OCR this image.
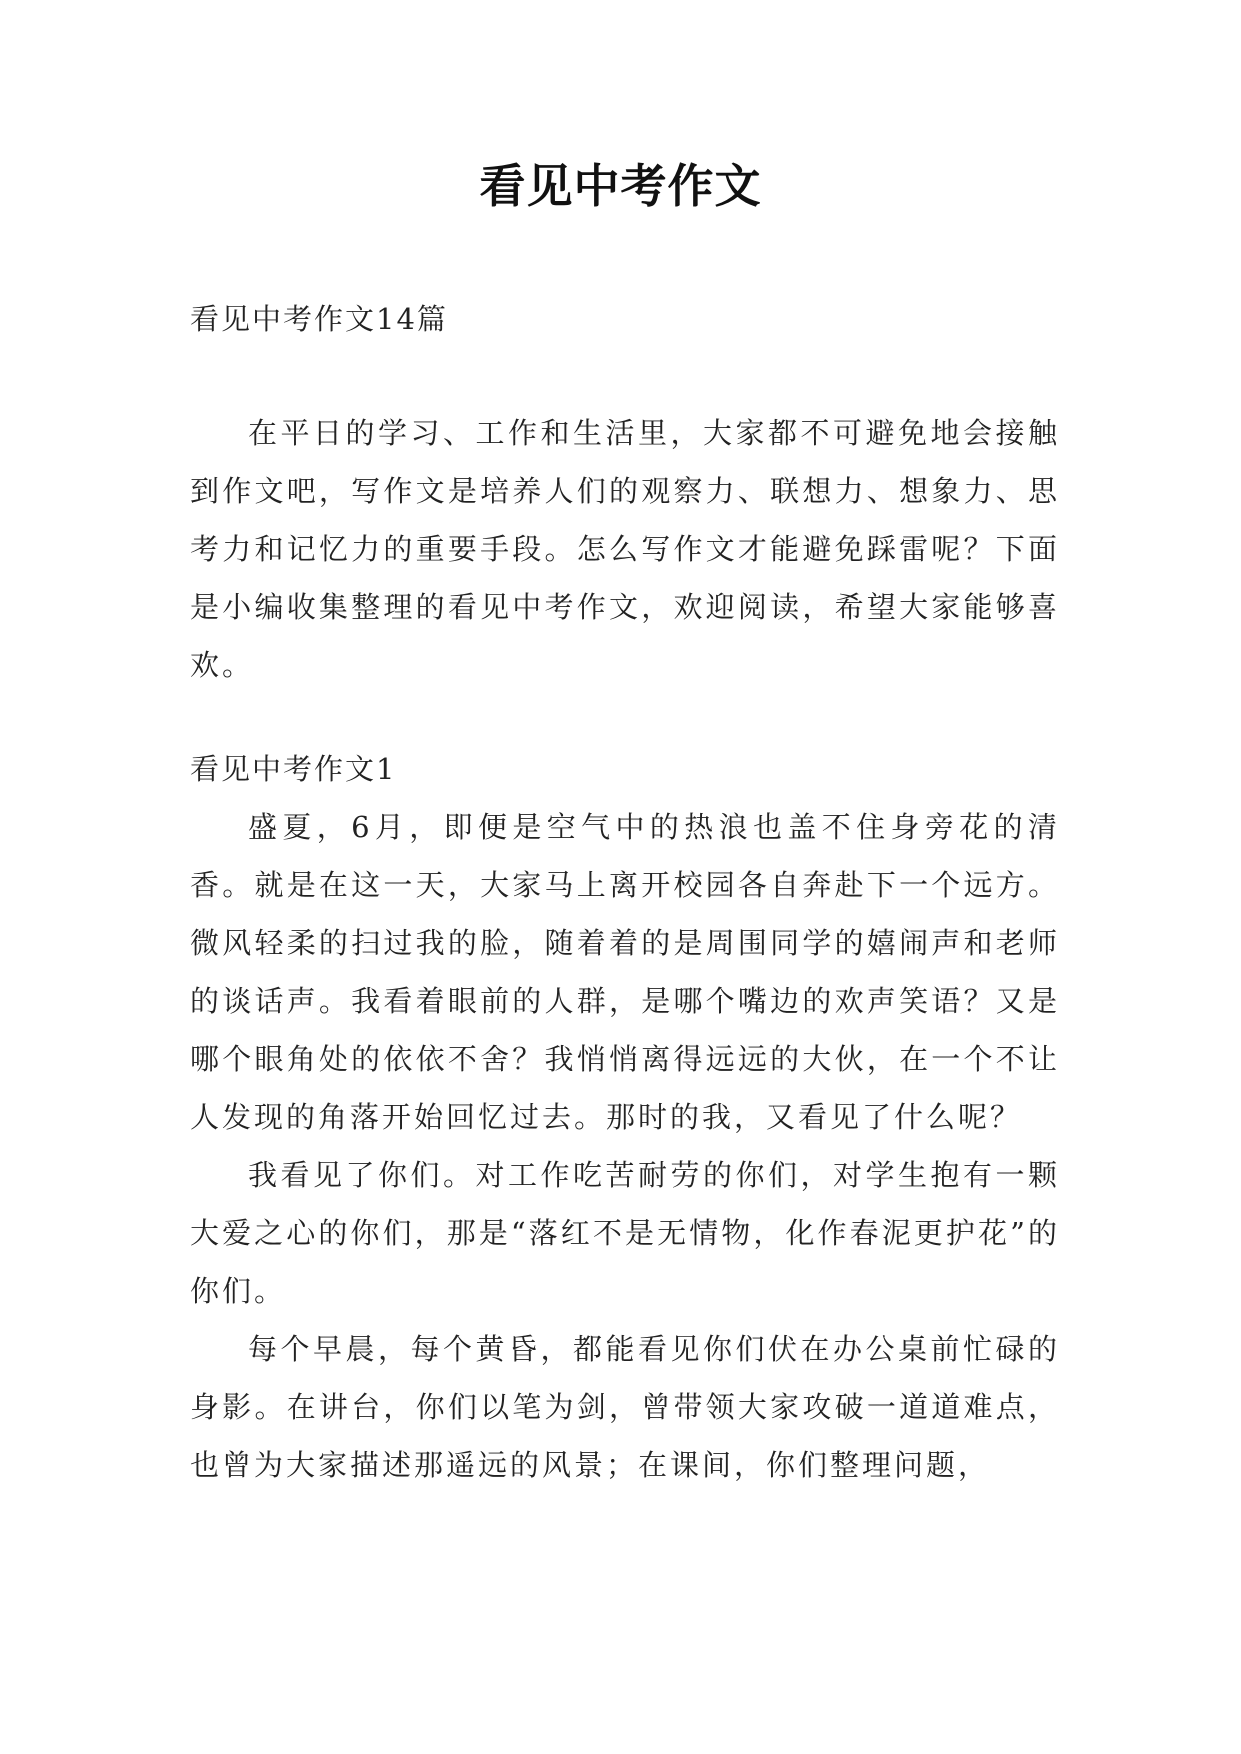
看见中考作文

看见中考作文14篇

在平日的学习、工作和生活里，大家都不可避免地会接触到作文吧，写作文是培养人们的观察力、联想力、想象力、思考力和记忆力的重要手段。怎么写作文才能避免踩雷呢？下面是小编收集整理的看见中考作文，欢迎阅读，希望大家能够喜欢。

看见中考作文1

盛夏，6月，即便是空气中的热浪也盖不住身旁花的清香。就是在这一天，大家马上离开校园各自奔赴下一个远方。微风轻柔的扫过我的脸，随着着的是周围同学的嬉闹声和老师的谈话声。我看着眼前的人群，是哪个嘴边的欢声笑语？又是哪个眼角处的依依不舍？我悄悄离得远远的大伙，在一个不让人发现的角落开始回忆过去。那时的我，又看见了什么呢？

我看见了你们。对工作吃苦耐劳的你们，对学生抱有一颗大爱之心的你们，那是“落红不是无情物，化作春泥更护花”的你们。

每个早晨，每个黄昏，都能看见你们伏在办公桌前忙碌的身影。在讲台，你们以笔为剑，曾带领大家攻破一道道难点，也曾为大家描述那遥远的风景；在课间，你们整理问题，
